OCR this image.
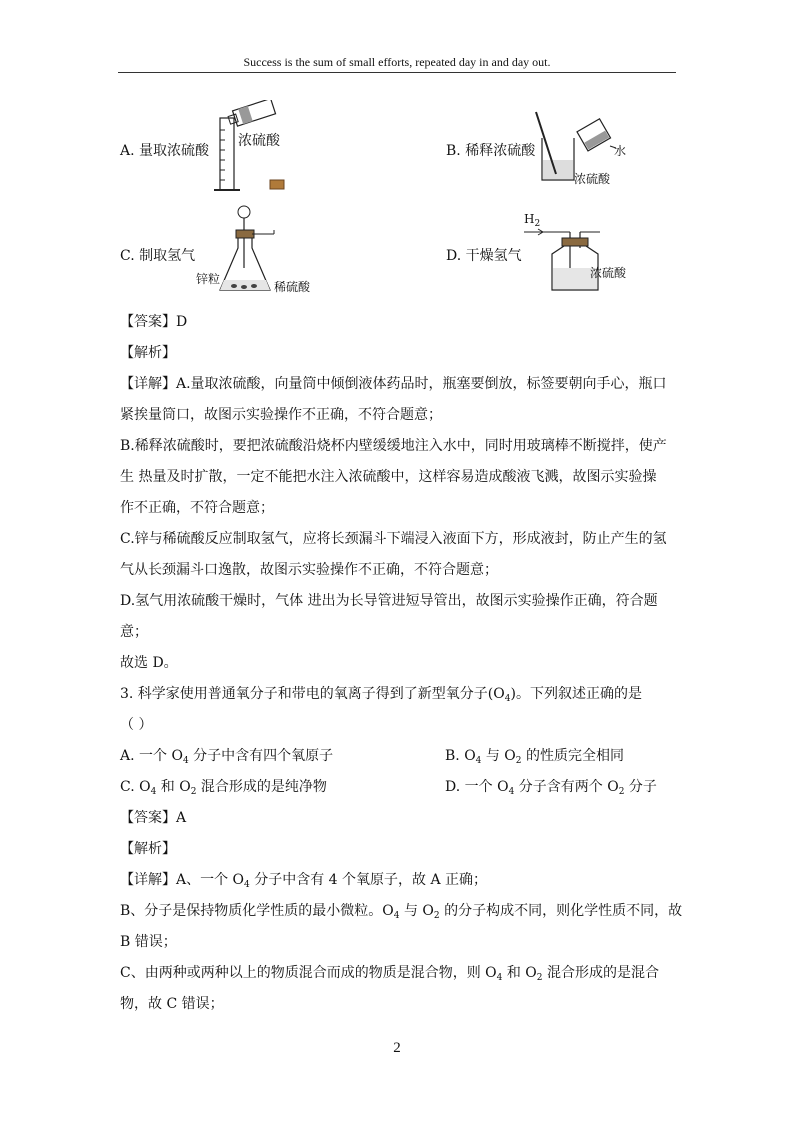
Success is the sum of small efforts, repeated day in and day out.
A. 量取浓硫酸
浓硫酸
B. 稀释浓硫酸	水
浓硫酸
C. 制取氢气
锌粒
稀硫酸
D. 干燥氢气
$H_2$
浓硫酸
【答案】D
【解析】
【详解】A.量取浓硫酸，向量筒中倾倒液体药品时，瓶塞要倒放，标签要朝向手心，瓶口
紧挨量筒口，故图示实验操作不正确，不符合题意；
B.稀释浓硫酸时，要把浓硫酸沿烧杯内壁缓缓地注入水中，同时用玻璃棒不断搅拌，使产
生 热量及时扩散，一定不能把水注入浓硫酸中，这样容易造成酸液飞溅，故图示实验操
作不正确，不符合题意；
C.锌与稀硫酸反应制取氢气，应将长颈漏斗下端浸入液面下方，形成液封，防止产生的氢
气从长颈漏斗口逸散，故图示实验操作不正确，不符合题意；
D.氢气用浓硫酸干燥时，气体 进出为长导管进短导管出，故图示实验操作正确，符合题
意；
故选 D。
3. 科学家使用普通氧分子和带电的氧离子得到了新型氧分子$(O_4)$。下列叙述正确的是
（ ）
A. 一个 $O_4$ 分子中含有四个氧原子	B. $O_4$ 与 $O_2$ 的性质完全相同
C. $O_4$ 和 $O_2$ 混合形成的是纯净物	D. 一个 $O_4$ 分子含有两个 $O_2$ 分子
【答案】A
【解析】
【详解】A、一个 $O_4$ 分子中含有 4 个氧原子，故 A 正确；
B、分子是保持物质化学性质的最小微粒。$O_4$ 与 $O_2$ 的分子构成不同，则化学性质不同，故
B 错误；
C、由两种或两种以上的物质混合而成的物质是混合物，则 $O_4$ 和 $O_2$ 混合形成的是混合
物，故 C 错误；
2
